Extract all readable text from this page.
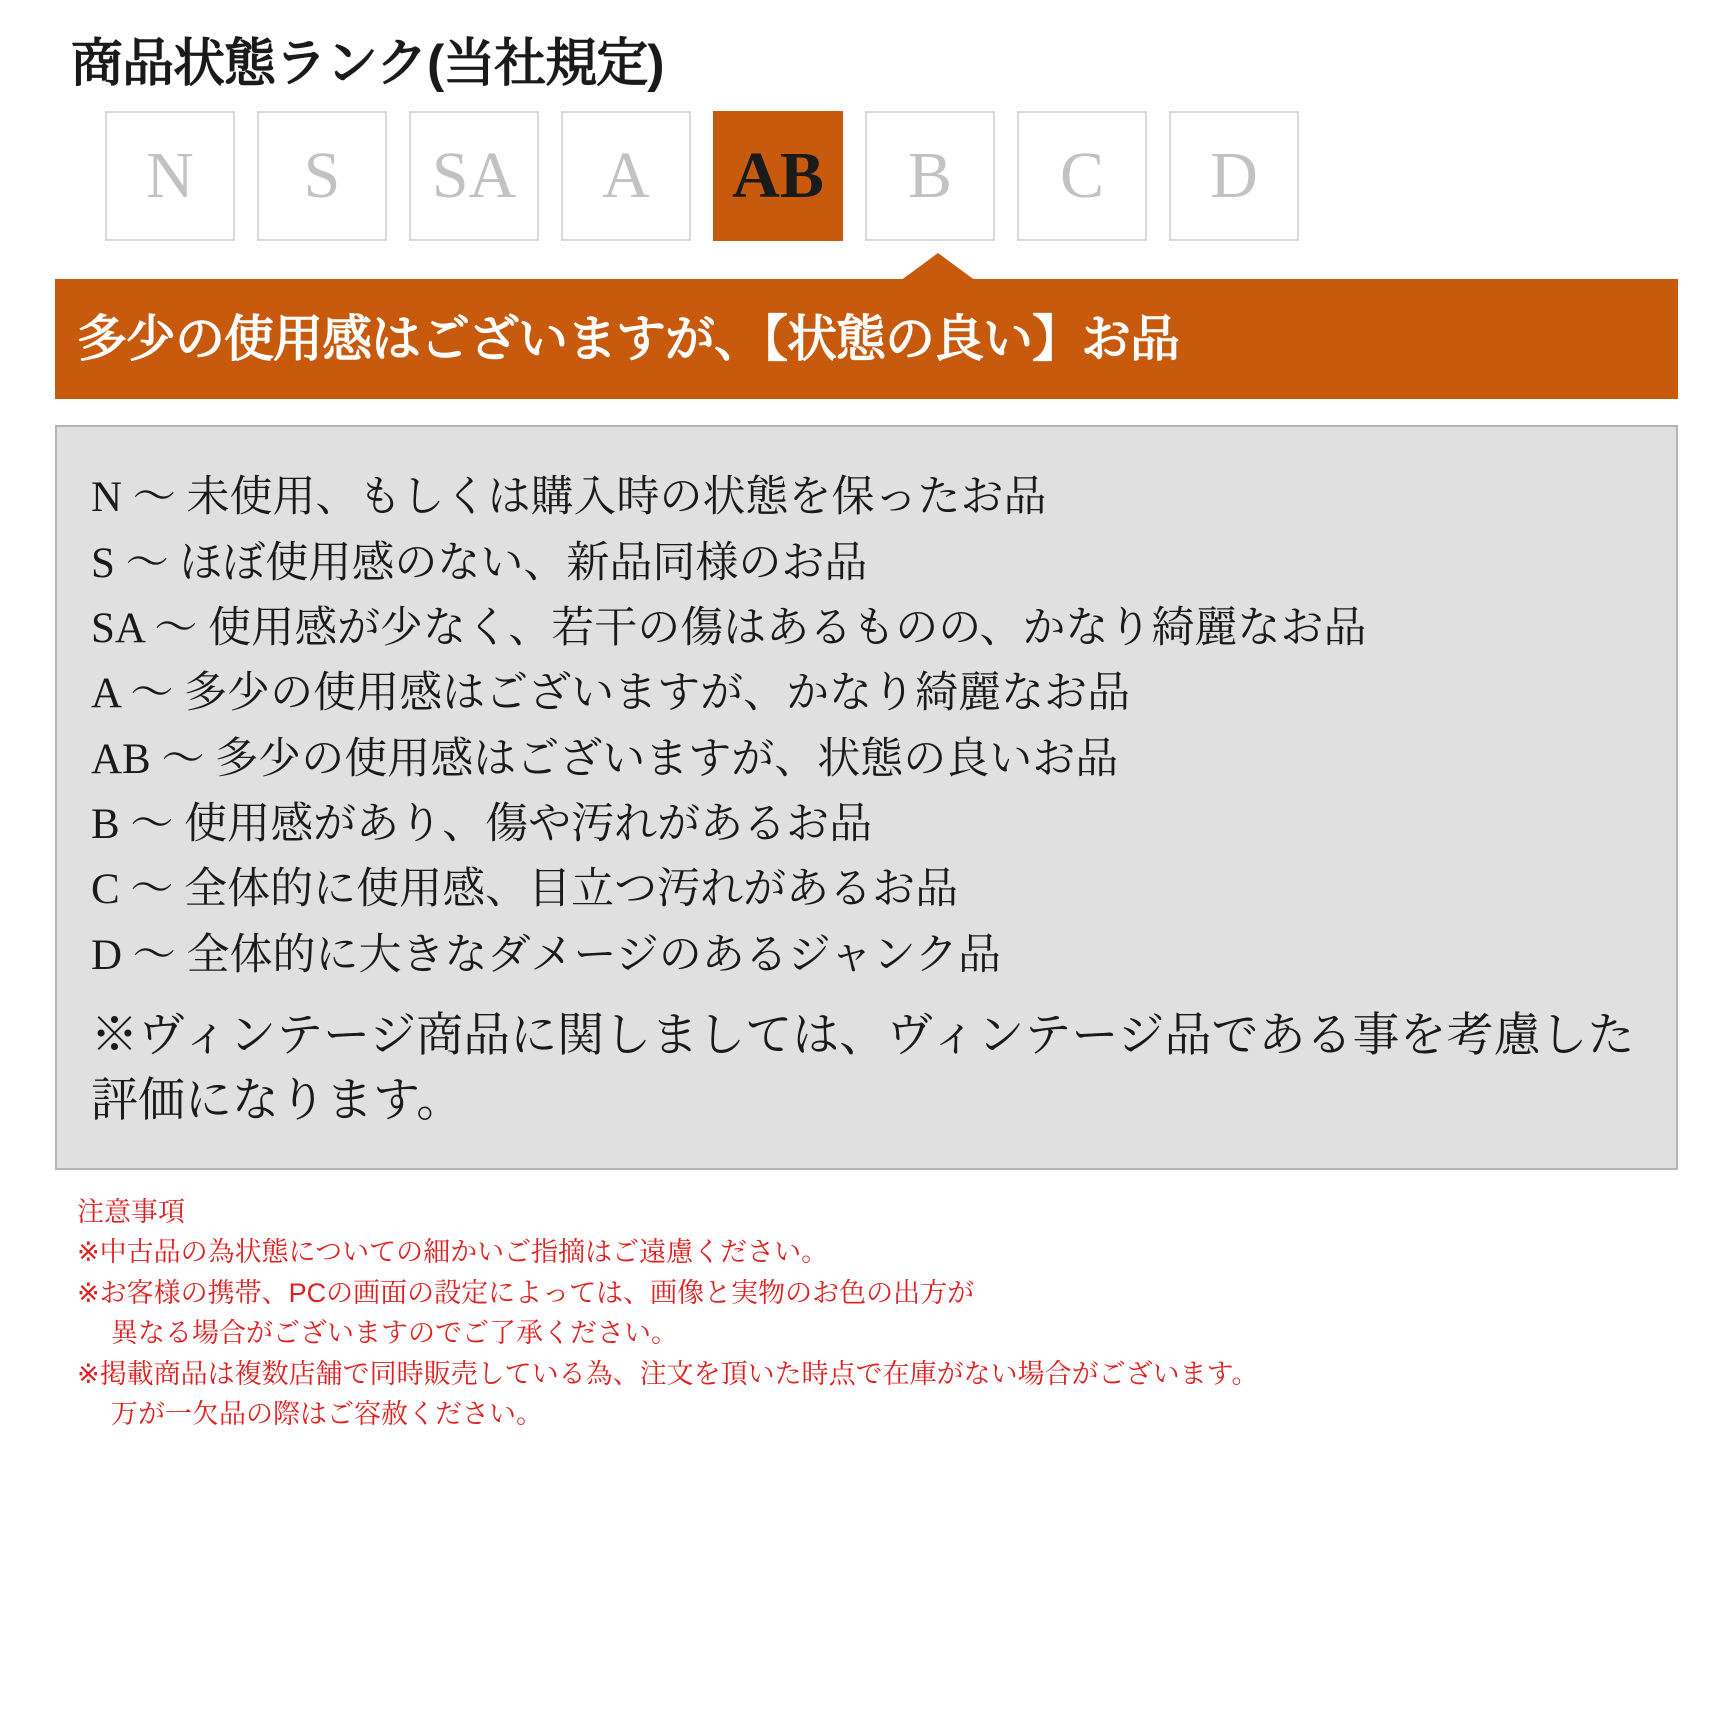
商品状態ランク(当社規定)
N S SA A AB B C D
多少の使用感はございますが、【状態の良い】お品
N ～ 未使用、もしくは購入時の状態を保ったお品
S ～ ほぼ使用感のない、新品同様のお品
SA ～ 使用感が少なく、若干の傷はあるものの、かなり綺麗なお品
A ～ 多少の使用感はございますが、かなり綺麗なお品
AB ～ 多少の使用感はございますが、状態の良いお品
B ～ 使用感があり、傷や汚れがあるお品
C ～ 全体的に使用感、目立つ汚れがあるお品
D ～ 全体的に大きなダメージのあるジャンク品
※ヴィンテージ商品に関しましては、ヴィンテージ品である事を考慮した評価になります。
注意事項
※中古品の為状態についての細かいご指摘はご遠慮ください。
※お客様の携帯、PCの画面の設定によっては、画像と実物のお色の出方が
異なる場合がございますのでご了承ください。
※掲載商品は複数店舗で同時販売している為、注文を頂いた時点で在庫がない場合がございます。
万が一欠品の際はご容赦ください。
